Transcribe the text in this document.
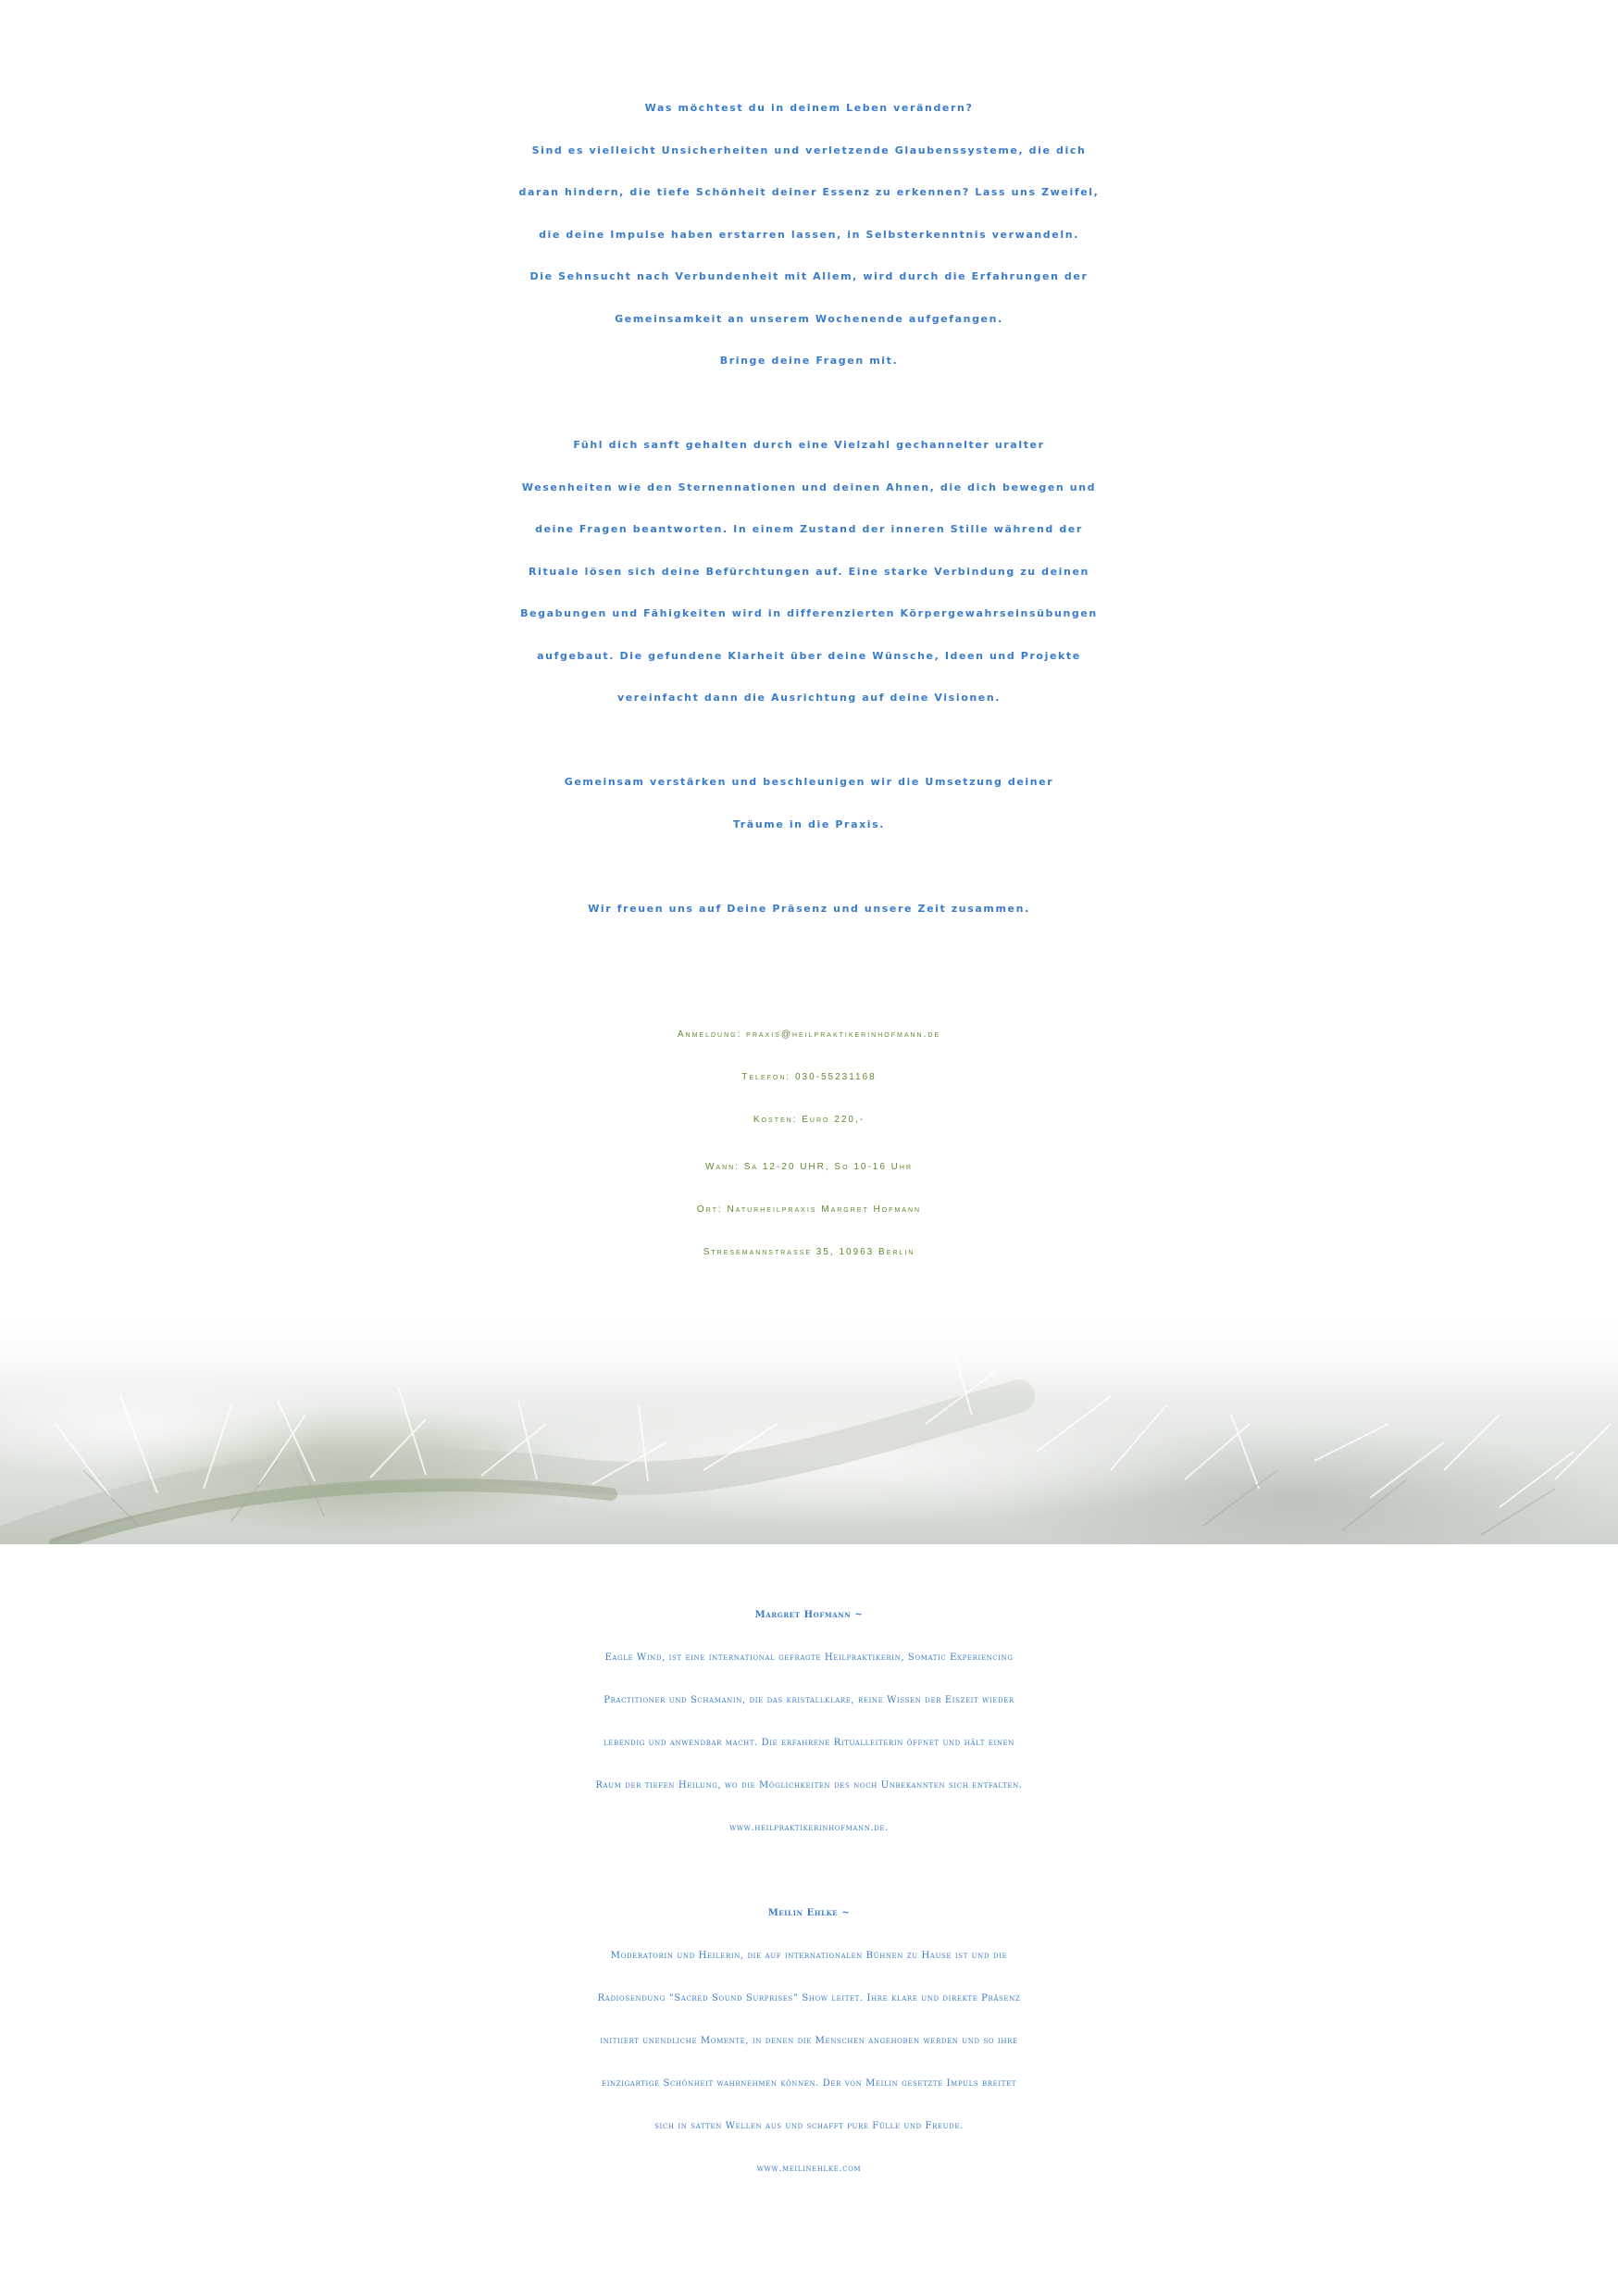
Was möchtest du in deinem Leben verändern?
Sind es vielleicht Unsicherheiten und verletzende Glaubenssysteme, die dich
daran hindern, die tiefe Schönheit deiner Essenz zu erkennen? Lass uns Zweifel,
die deine Impulse haben erstarren lassen, in Selbsterkenntnis verwandeln.
Die Sehnsucht nach Verbundenheit mit Allem, wird durch die Erfahrungen der
Gemeinsamkeit an unserem Wochenende aufgefangen.
Bringe deine Fragen mit.
Fühl dich sanft gehalten durch eine Vielzahl gechannelter uralter
Wesenheiten wie den Sternennationen und deinen Ahnen, die dich bewegen und
deine Fragen beantworten. In einem Zustand der inneren Stille während der
Rituale lösen sich deine Befürchtungen auf. Eine starke Verbindung zu deinen
Begabungen und Fähigkeiten wird in differenzierten Körpergewahrseinsübungen
aufgebaut. Die gefundene Klarheit über deine Wünsche, Ideen und Projekte
vereinfacht dann die Ausrichtung auf deine Visionen.
Gemeinsam verstärken und beschleunigen wir die Umsetzung deiner
Träume in die Praxis.
Wir freuen uns auf Deine Präsenz und unsere Zeit zusammen.
Anmeldung: praxis@heilpraktikerinhofmann.de
Telefon: 030-55231168
Kosten: Euro 220,-
Wann: Sa 12-20 UHR, So 10-16 Uhr
Ort: Naturheilpraxis Margret Hofmann
Stresemannstrasse 35, 10963 Berlin
Margret Hofmann ~
Eagle Wind, ist eine international gefragte Heilpraktikerin, Somatic Experiencing
Practitioner und Schamanin, die das kristallklare, reine Wissen der Eiszeit wieder
lebendig und anwendbar macht. Die erfahrene Ritualleiterin öffnet und hält einen
Raum der tiefen Heilung, wo die Möglichkeiten des noch Unbekannten sich entfalten.
www.heilpraktikerinhofmann.de.
Meilin Ehlke ~
Moderatorin und Heilerin, die auf internationalen Bühnen zu Hause ist und die
Radiosendung “Sacred Sound Surprises” Show leitet. Ihre klare und direkte Präsenz
initiiert unendliche Momente, in denen die Menschen angehoben werden und so ihre
einzigartige Schönheit wahrnehmen können. Der von Meilin gesetzte Impuls breitet
sich in satten Wellen aus und schafft pure Fülle und Freude.
www.meilinehlke.com
